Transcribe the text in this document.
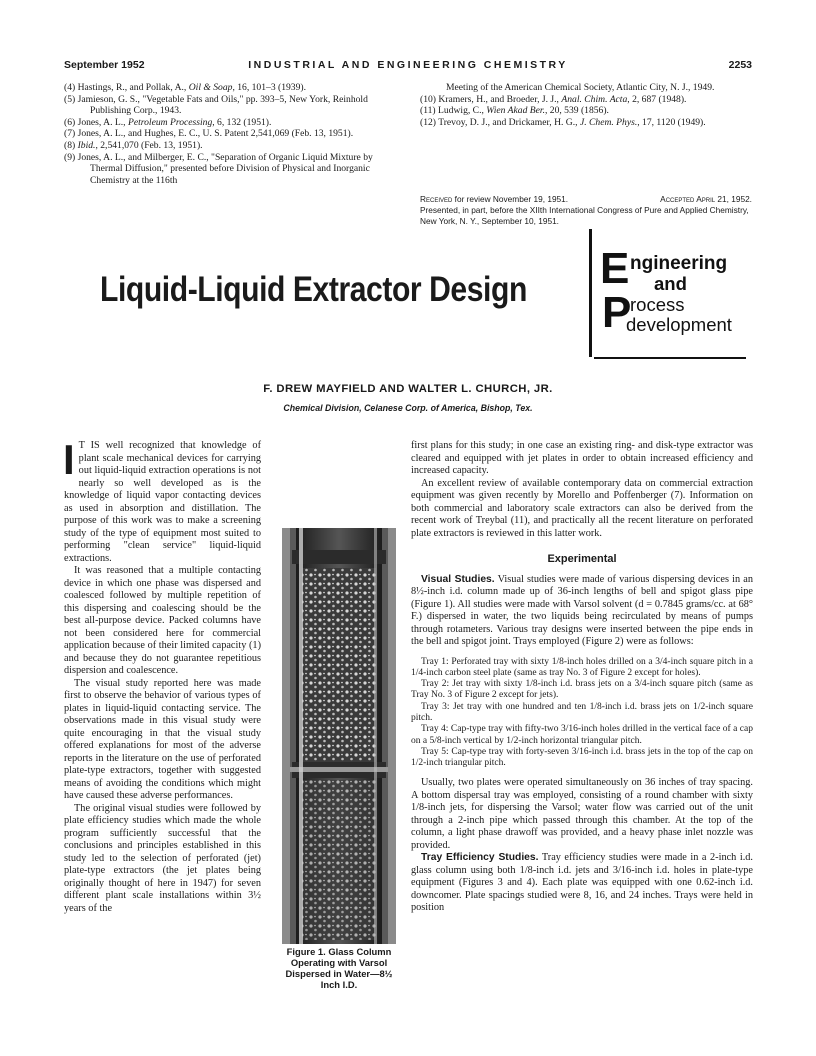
September 1952	INDUSTRIAL AND ENGINEERING CHEMISTRY	2253
(4) Hastings, R., and Pollak, A., Oil & Soap, 16, 101–3 (1939).
(5) Jamieson, G. S., "Vegetable Fats and Oils," pp. 393–5, New York, Reinhold Publishing Corp., 1943.
(6) Jones, A. L., Petroleum Processing, 6, 132 (1951).
(7) Jones, A. L., and Hughes, E. C., U. S. Patent 2,541,069 (Feb. 13, 1951).
(8) Ibid., 2,541,070 (Feb. 13, 1951).
(9) Jones, A. L., and Milberger, E. C., "Separation of Organic Liquid Mixture by Thermal Diffusion," presented before Division of Physical and Inorganic Chemistry at the 116th
Meeting of the American Chemical Society, Atlantic City, N. J., 1949.
(10) Kramers, H., and Broeder, J. J., Anal. Chim. Acta, 2, 687 (1948).
(11) Ludwig, C., Wien Akad Ber., 20, 539 (1856).
(12) Trevoy, D. J., and Drickamer, H. G., J. Chem. Phys., 17, 1120 (1949).
Received for review November 19, 1951.	Accepted April 21, 1952.
Presented, in part, before the XIIth International Congress of Pure and Applied Chemistry, New York, N. Y., September 10, 1951.
Liquid-Liquid Extractor Design E ngineering
and
P
rocess
development
F. DREW MAYFIELD AND WALTER L. CHURCH, JR.
Chemical Division, Celanese Corp. of America, Bishop, Tex.

I T IS well recognized that knowledge of plant scale mechanical devices for carrying out liquid-liquid extraction operations is not nearly so well developed as is the knowledge of liquid vapor contacting devices as used in absorption and distillation. The purpose of this work was to make a screening study of the type of equipment most suited to performing "clean service" liquid-liquid extractions.

It was reasoned that a multiple contacting device in which one phase was dispersed and coalesced followed by multiple repetition of this dispersing and coalescing should be the best all-purpose device. Packed columns have not been considered here for commercial application because of their limited capacity (1) and because they do not guarantee repetitious dispersion and coalescence.

The visual study reported here was made first to observe the behavior of various types of plates in liquid-liquid contacting service. The observations made in this visual study were quite encouraging in that the visual study offered explanations for most of the adverse reports in the literature on the use of perforated plate-type extractors, together with suggested means of avoiding the conditions which might have caused these adverse performances.

The original visual studies were followed by plate efficiency studies which made the whole program sufficiently successful that the conclusions and principles established in this study led to the selection of perforated (jet) plate-type extractors (the jet plates being originally thought of here in 1947) for seven different plant scale installations within 3½ years of the

Figure 1. Glass Column Operating with Varsol Dispersed in Water—8½ Inch I.D.

first plans for this study; in one case an existing ring- and disk-type extractor was cleared and equipped with jet plates in order to obtain increased efficiency and increased capacity.

An excellent review of available contemporary data on commercial extraction equipment was given recently by Morello and Poffenberger (7). Information on both commercial and laboratory scale extractors can also be derived from the recent work of Treybal (11), and practically all the recent literature on perforated plate extractors is reviewed in this latter work.

Experimental

Visual Studies. Visual studies were made of various dispersing devices in an 8½-inch i.d. column made up of 36-inch lengths of bell and spigot glass pipe (Figure 1). All studies were made with Varsol solvent (d = 0.7845 grams/cc. at 68° F.) dispersed in water, the two liquids being recirculated by means of pumps through rotameters. Various tray designs were inserted between the pipe ends in the bell and spigot joint. Trays employed (Figure 2) were as follows:

Tray 1: Perforated tray with sixty 1/8-inch holes drilled on a 3/4-inch square pitch in a 1/4-inch carbon steel plate (same as tray No. 3 of Figure 2 except for holes).

Tray 2: Jet tray with sixty 1/8-inch i.d. brass jets on a 3/4-inch square pitch (same as Tray No. 3 of Figure 2 except for jets).

Tray 3: Jet tray with one hundred and ten 1/8-inch i.d. brass jets on 1/2-inch square pitch.

Tray 4: Cap-type tray with fifty-two 3/16-inch holes drilled in the vertical face of a cap on a 5/8-inch vertical by 1/2-inch horizontal triangular pitch.

Tray 5: Cap-type tray with forty-seven 3/16-inch i.d. brass jets in the top of the cap on 1/2-inch triangular pitch.

Usually, two plates were operated simultaneously on 36 inches of tray spacing. A bottom dispersal tray was employed, consisting of a round chamber with sixty 1/8-inch jets, for dispersing the Varsol; water flow was carried out of the unit through a 2-inch pipe which passed through this chamber. At the top of the column, a light phase drawoff was provided, and a heavy phase inlet nozzle was provided.

Tray Efficiency Studies. Tray efficiency studies were made in a 2-inch i.d. glass column using both 1/8-inch i.d. jets and 3/16-inch i.d. holes in plate-type equipment (Figures 3 and 4). Each plate was equipped with one 0.62-inch i.d. downcomer. Plate spacings studied were 8, 16, and 24 inches. Trays were held in position
